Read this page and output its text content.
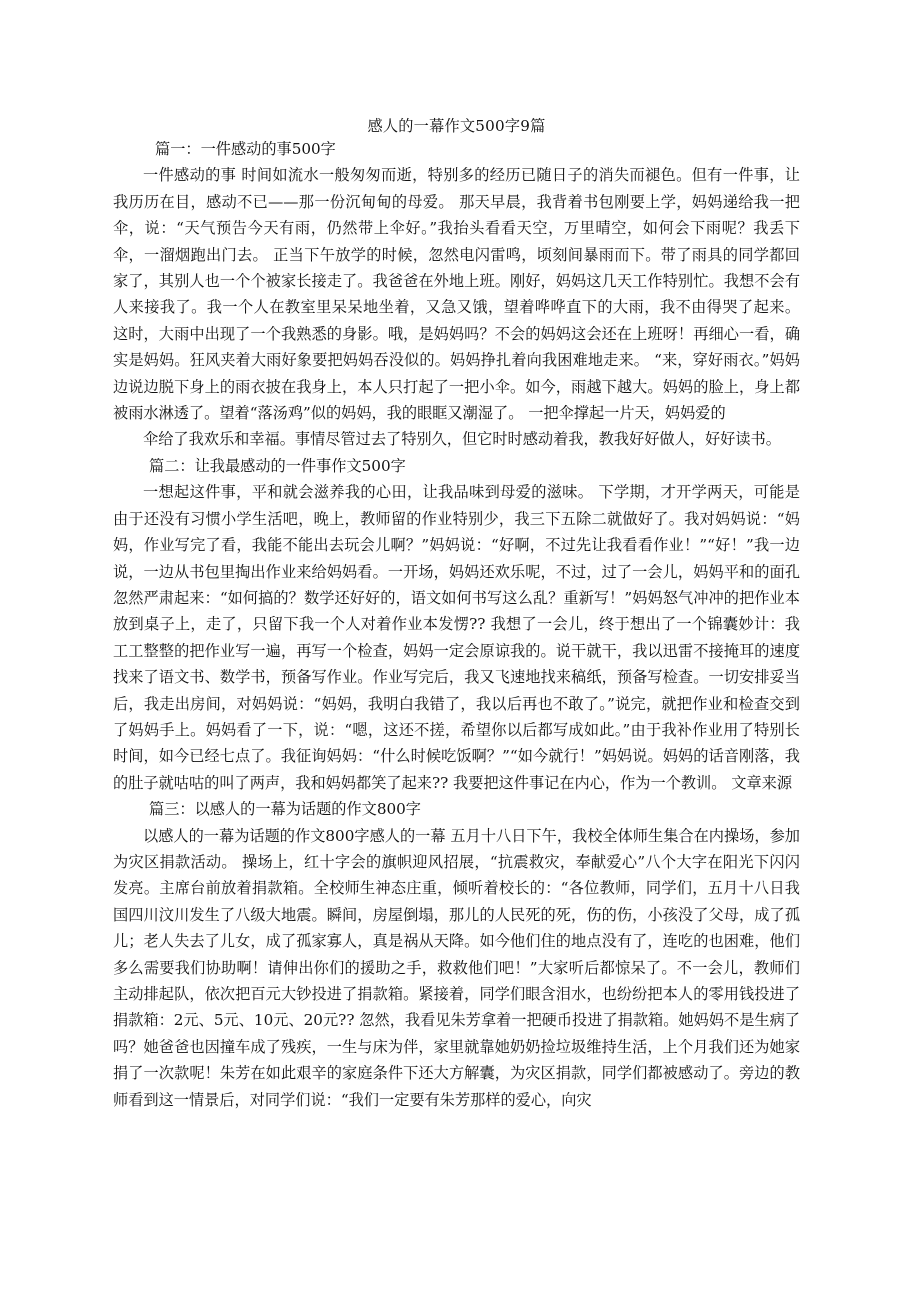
感人的一幕作文500字9篇
篇一：一件感动的事500字

一件感动的事 时间如流水一般匆匆而逝，特别多的经历已随日子的消失而褪色。但有一件事，让我历历在目，感动不已——那一份沉甸甸的母爱。 那天早晨，我背着书包刚要上学，妈妈递给我一把伞，说：“天气预告今天有雨，仍然带上伞好。”我抬头看看天空，万里晴空，如何会下雨呢？我丢下伞，一溜烟跑出门去。 正当下午放学的时候，忽然电闪雷鸣，顷刻间暴雨而下。带了雨具的同学都回家了，其别人也一个个被家长接走了。我爸爸在外地上班。刚好，妈妈这几天工作特别忙。我想不会有人来接我了。我一个人在教室里呆呆地坐着，又急又饿，望着哗哗直下的大雨，我不由得哭了起来。 这时，大雨中出现了一个我熟悉的身影。哦，是妈妈吗？不会的妈妈这会还在上班呀！再细心一看，确实是妈妈。狂风夹着大雨好象要把妈妈吞没似的。妈妈挣扎着向我困难地走来。 “来，穿好雨衣。”妈妈边说边脱下身上的雨衣披在我身上，本人只打起了一把小伞。如今，雨越下越大。妈妈的脸上，身上都被雨水淋透了。望着“落汤鸡”似的妈妈，我的眼眶又潮湿了。 一把伞撑起一片天，妈妈爱的

伞给了我欢乐和幸福。事情尽管过去了特别久，但它时时感动着我，教我好好做人，好好读书。

篇二：让我最感动的一件事作文500字

一想起这件事，平和就会滋养我的心田，让我品味到母爱的滋味。 下学期，才开学两天，可能是由于还没有习惯小学生活吧，晚上，教师留的作业特别少，我三下五除二就做好了。我对妈妈说：“妈妈，作业写完了看，我能不能出去玩会儿啊？”妈妈说：“好啊，不过先让我看看作业！”“好！”我一边说，一边从书包里掏出作业来给妈妈看。一开场，妈妈还欢乐呢，不过，过了一会儿，妈妈平和的面孔忽然严肃起来：“如何搞的？数学还好好的，语文如何书写这么乱？重新写！”妈妈怒气冲冲的把作业本放到桌子上，走了，只留下我一个人对着作业本发愣?? 我想了一会儿，终于想出了一个锦囊妙计：我工工整整的把作业写一遍，再写一个检查，妈妈一定会原谅我的。说干就干，我以迅雷不接掩耳的速度找来了语文书、数学书，预备写作业。作业写完后，我又飞速地找来稿纸，预备写检查。一切安排妥当后，我走出房间，对妈妈说：“妈妈，我明白我错了，我以后再也不敢了。”说完，就把作业和检查交到了妈妈手上。妈妈看了一下，说：“嗯，这还不搓，希望你以后都写成如此。”由于我补作业用了特别长时间，如今已经七点了。我征询妈妈：“什么时候吃饭啊？”“如今就行！”妈妈说。妈妈的话音刚落，我的肚子就咕咕的叫了两声，我和妈妈都笑了起来?? 我要把这件事记在内心，作为一个教训。 文章来源

篇三：以感人的一幕为话题的作文800字

以感人的一幕为话题的作文800字感人的一幕 五月十八日下午，我校全体师生集合在内操场，参加为灾区捐款活动。 操场上，红十字会的旗帜迎风招展，“抗震救灾，奉献爱心”八个大字在阳光下闪闪发亮。主席台前放着捐款箱。全校师生神态庄重，倾听着校长的：“各位教师，同学们，五月十八日我国四川汶川发生了八级大地震。瞬间，房屋倒塌，那儿的人民死的死，伤的伤，小孩没了父母，成了孤儿；老人失去了儿女，成了孤家寡人，真是祸从天降。如今他们住的地点没有了，连吃的也困难，他们多么需要我们协助啊！请伸出你们的援助之手，救救他们吧！”大家听后都惊呆了。不一会儿，教师们主动排起队，依次把百元大钞投进了捐款箱。紧接着，同学们眼含泪水，也纷纷把本人的零用钱投进了捐款箱：2元、5元、10元、20元?? 忽然，我看见朱芳拿着一把硬币投进了捐款箱。她妈妈不是生病了吗？她爸爸也因撞车成了残疾，一生与床为伴，家里就靠她奶奶捡垃圾维持生活，上个月我们还为她家捐了一次款呢！朱芳在如此艰辛的家庭条件下还大方解囊，为灾区捐款，同学们都被感动了。旁边的教师看到这一情景后，对同学们说：“我们一定要有朱芳那样的爱心，向灾
